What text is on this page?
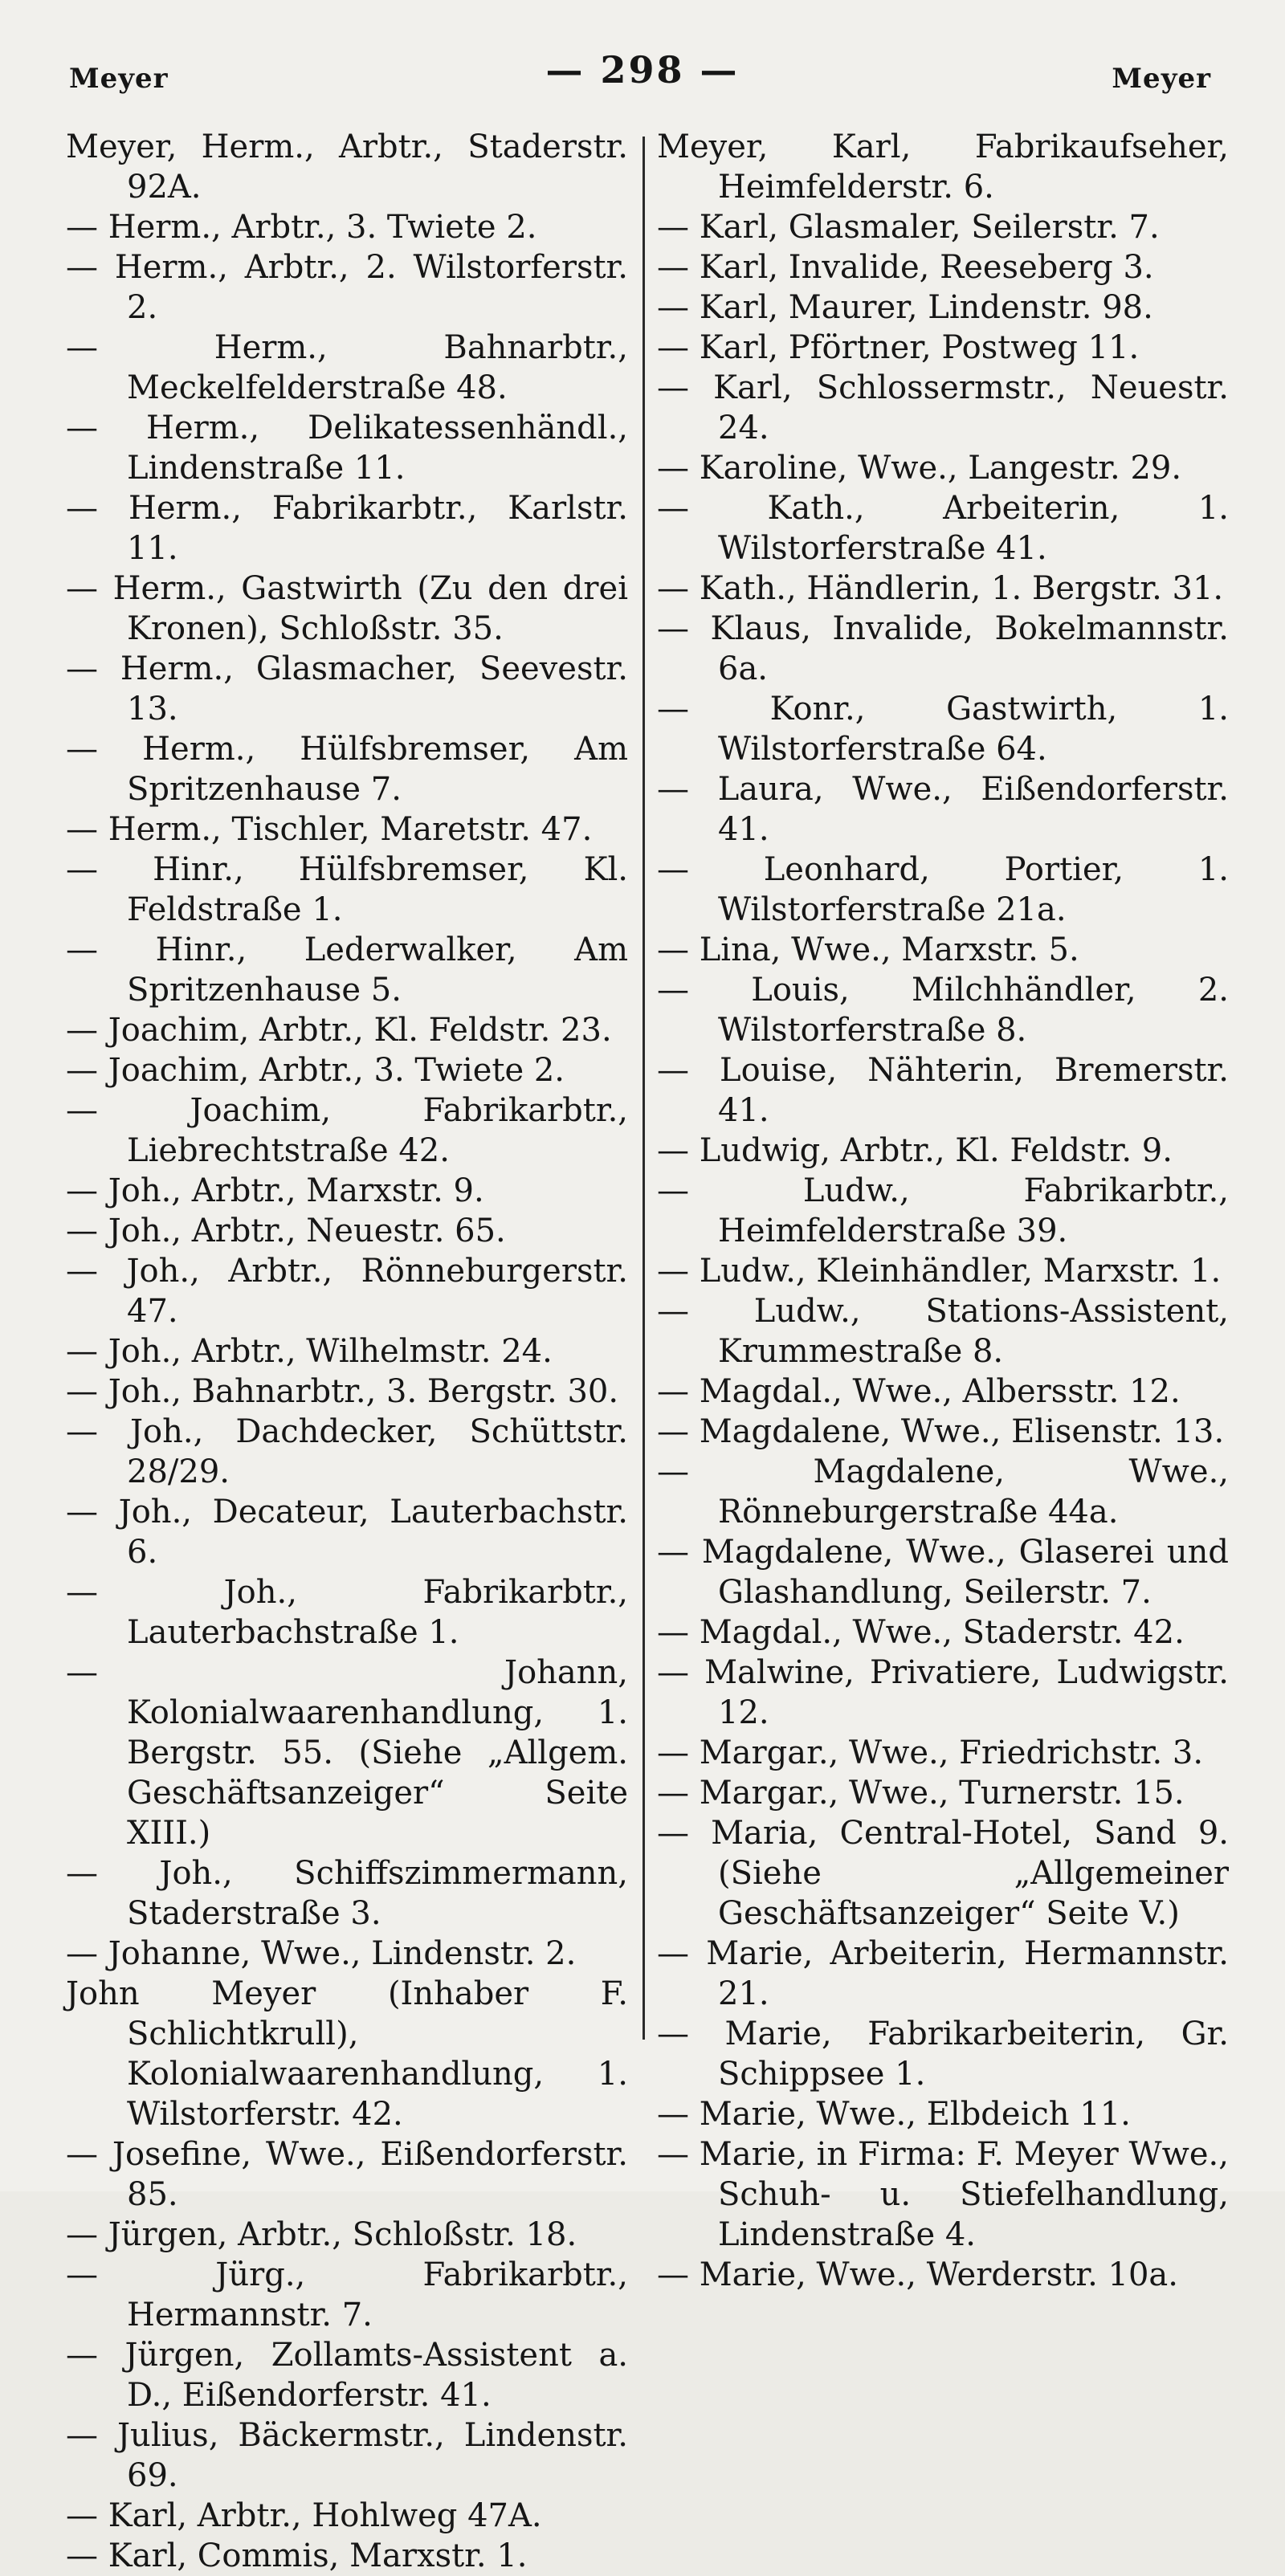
Meyer	— 298 —	Meyer

Meyer, Herm., Arbtr., Staderstr. 92A.

— Herm., Arbtr., 3. Twiete 2.

— Herm., Arbtr., 2. Wilstorferstr. 2.

— Herm., Bahnarbtr., Meckelfelderstraße 48.

— Herm., Delikatessenhändl., Lindenstraße 11.

— Herm., Fabrikarbtr., Karlstr. 11.

— Herm., Gastwirth (Zu den drei Kronen), Schloßstr. 35.

— Herm., Glasmacher, Seevestr. 13.

— Herm., Hülfsbremser, Am Spritzenhause 7.

— Herm., Tischler, Maretstr. 47.

— Hinr., Hülfsbremser, Kl. Feldstraße 1.

— Hinr., Lederwalker, Am Spritzenhause 5.

— Joachim, Arbtr., Kl. Feldstr. 23.

— Joachim, Arbtr., 3. Twiete 2.

— Joachim, Fabrikarbtr., Liebrechtstraße 42.

— Joh., Arbtr., Marxstr. 9.

— Joh., Arbtr., Neuestr. 65.

— Joh., Arbtr., Rönneburgerstr. 47.

— Joh., Arbtr., Wilhelmstr. 24.

— Joh., Bahnarbtr., 3. Bergstr. 30.

— Joh., Dachdecker, Schüttstr. 28/29.

— Joh., Decateur, Lauterbachstr. 6.

— Joh., Fabrikarbtr., Lauterbachstraße 1.

— Johann, Kolonialwaarenhandlung, 1. Bergstr. 55. (Siehe „Allgem. Geschäftsanzeiger“ Seite XIII.)

— Joh., Schiffszimmermann, Staderstraße 3.

— Johanne, Wwe., Lindenstr. 2.

John Meyer (Inhaber F. Schlichtkrull), Kolonialwaarenhandlung, 1. Wilstorferstr. 42.

— Josefine, Wwe., Eißendorferstr. 85.

— Jürgen, Arbtr., Schloßstr. 18.

— Jürg., Fabrikarbtr., Hermannstr. 7.

— Jürgen, Zollamts-Assistent a. D., Eißendorferstr. 41.

— Julius, Bäckermstr., Lindenstr. 69.

— Karl, Arbtr., Hohlweg 47A.

— Karl, Commis, Marxstr. 1.

Meyer, Karl, Fabrikaufseher, Heimfelderstr. 6.

— Karl, Glasmaler, Seilerstr. 7.

— Karl, Invalide, Reeseberg 3.

— Karl, Maurer, Lindenstr. 98.

— Karl, Pförtner, Postweg 11.

— Karl, Schlossermstr., Neuestr. 24.

— Karoline, Wwe., Langestr. 29.

— Kath., Arbeiterin, 1. Wilstorferstraße 41.

— Kath., Händlerin, 1. Bergstr. 31.

— Klaus, Invalide, Bokelmannstr. 6a.

— Konr., Gastwirth, 1. Wilstorferstraße 64.

— Laura, Wwe., Eißendorferstr. 41.

— Leonhard, Portier, 1. Wilstorferstraße 21a.

— Lina, Wwe., Marxstr. 5.

— Louis, Milchhändler, 2. Wilstorferstraße 8.

— Louise, Nähterin, Bremerstr. 41.

— Ludwig, Arbtr., Kl. Feldstr. 9.

— Ludw., Fabrikarbtr., Heimfelderstraße 39.

— Ludw., Kleinhändler, Marxstr. 1.

— Ludw., Stations-Assistent, Krummestraße 8.

— Magdal., Wwe., Albersstr. 12.

— Magdalene, Wwe., Elisenstr. 13.

— Magdalene, Wwe., Rönneburgerstraße 44a.

— Magdalene, Wwe., Glaserei und Glashandlung, Seilerstr. 7.

— Magdal., Wwe., Staderstr. 42.

— Malwine, Privatiere, Ludwigstr. 12.

— Margar., Wwe., Friedrichstr. 3.

— Margar., Wwe., Turnerstr. 15.

— Maria, Central-Hotel, Sand 9. (Siehe „Allgemeiner Geschäftsanzeiger“ Seite V.)

— Marie, Arbeiterin, Hermannstr. 21.

— Marie, Fabrikarbeiterin, Gr. Schippsee 1.

— Marie, Wwe., Elbdeich 11.

— Marie, in Firma: F. Meyer Wwe., Schuh- u. Stiefelhandlung, Lindenstraße 4.

— Marie, Wwe., Werderstr. 10a.
